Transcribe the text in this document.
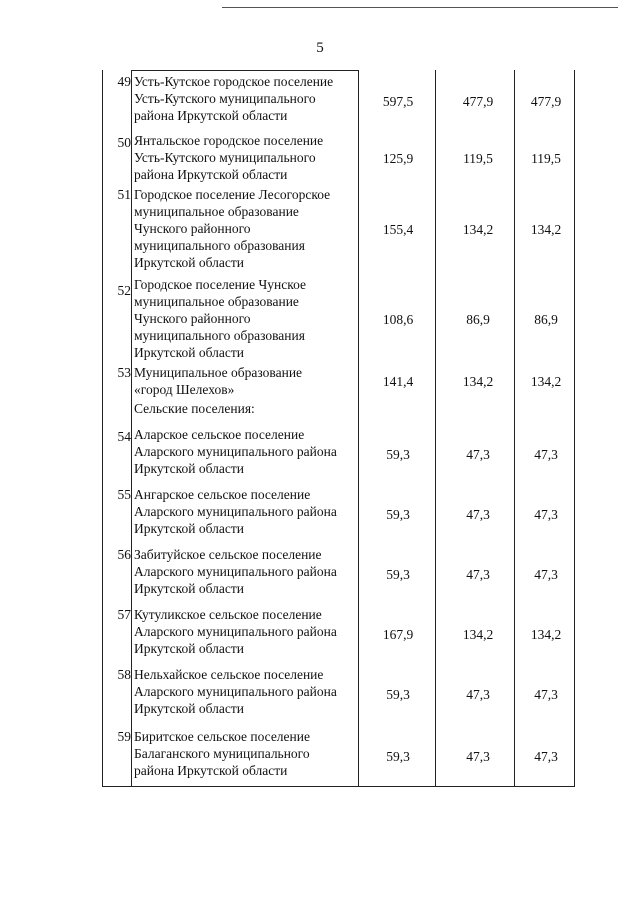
5
49 Усть-Кутское городское поселение
Усть-Кутского муниципального
района Иркутской области
597,5	477,9	477,9
50 Янтальское городское поселение
Усть-Кутского муниципального
района Иркутской области
125,9	119,5	119,5
51 Городское поселение Лесогорское
муниципальное образование
Чунского районного
муниципального образования
Иркутской области
155,4	134,2	134,2
52 Городское поселение Чунское
муниципальное образование
Чунского районного
муниципального образования
Иркутской области
108,6	86,9	86,9
53 Муниципальное образование
«город Шелехов»
141,4	134,2	134,2
54 Аларское сельское поселение
Аларского муниципального района
Иркутской области
59,3	47,3	47,3
55 Ангарское сельское поселение
Аларского муниципального района
Иркутской области
59,3	47,3	47,3
56 Забитуйское сельское поселение
Аларского муниципального района
Иркутской области
59,3	47,3	47,3
57 Кутуликское сельское поселение
Аларского муниципального района
Иркутской области
167,9	134,2	134,2
58 Нельхайское сельское поселение
Аларского муниципального района
Иркутской области
59,3	47,3	47,3
59 Биритское сельское поселение
Балаганского муниципального
района Иркутской области
59,3	47,3	47,3
Сельские поселения:
